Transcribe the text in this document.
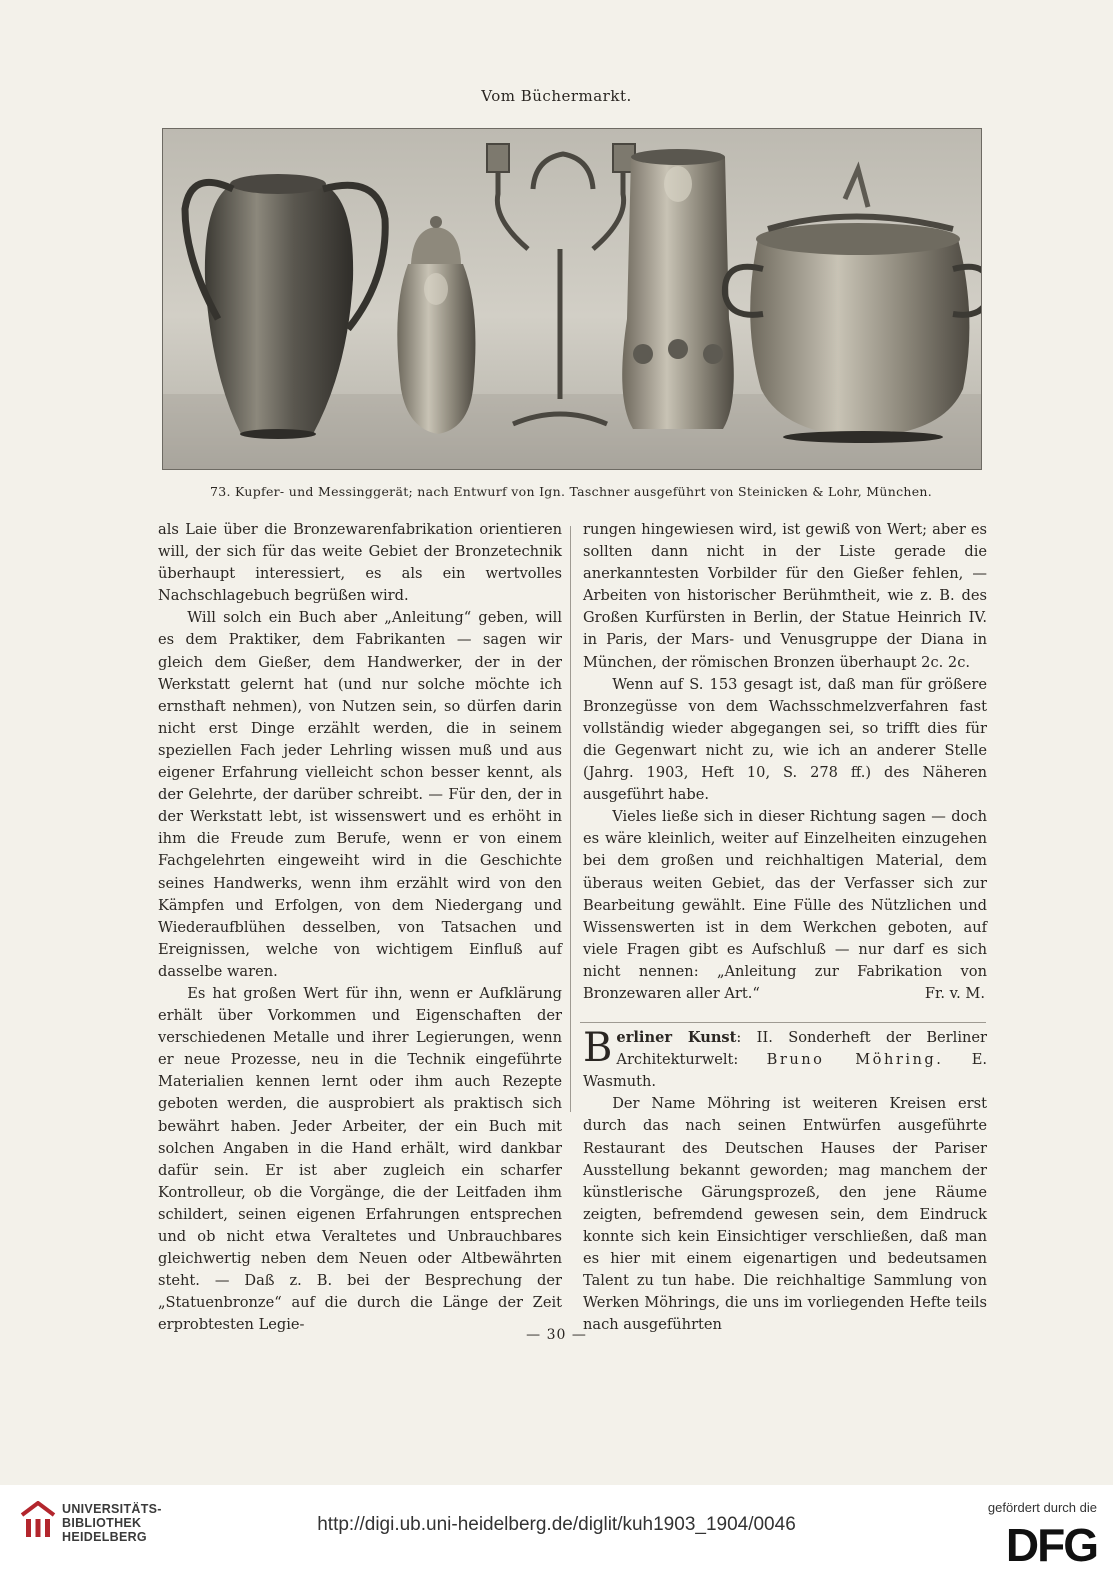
Vom Büchermarkt.
73. Kupfer- und Messinggerät; nach Entwurf von Ign. Taschner ausgeführt von Steinicken & Lohr, München.

als Laie über die Bronzewarenfabrikation orientieren will, der sich für das weite Gebiet der Bronzetechnik überhaupt interessiert, es als ein wertvolles Nachschlagebuch begrüßen wird.

Will solch ein Buch aber „Anleitung“ geben, will es dem Praktiker, dem Fabrikanten — sagen wir gleich dem Gießer, dem Handwerker, der in der Werkstatt gelernt hat (und nur solche möchte ich ernsthaft nehmen), von Nutzen sein, so dürfen darin nicht erst Dinge erzählt werden, die in seinem speziellen Fach jeder Lehrling wissen muß und aus eigener Erfahrung vielleicht schon besser kennt, als der Gelehrte, der darüber schreibt. — Für den, der in der Werkstatt lebt, ist wissenswert und es erhöht in ihm die Freude zum Berufe, wenn er von einem Fachgelehrten eingeweiht wird in die Geschichte seines Handwerks, wenn ihm erzählt wird von den Kämpfen und Erfolgen, von dem Niedergang und Wiederaufblühen desselben, von Tatsachen und Ereignissen, welche von wichtigem Einfluß auf dasselbe waren.

Es hat großen Wert für ihn, wenn er Aufklärung erhält über Vorkommen und Eigenschaften der verschiedenen Metalle und ihrer Legierungen, wenn er neue Prozesse, neu in die Technik eingeführte Materialien kennen lernt oder ihm auch Rezepte geboten werden, die ausprobiert als praktisch sich bewährt haben. Jeder Arbeiter, der ein Buch mit solchen Angaben in die Hand erhält, wird dankbar dafür sein. Er ist aber zugleich ein scharfer Kontrolleur, ob die Vorgänge, die der Leitfaden ihm schildert, seinen eigenen Erfahrungen entsprechen und ob nicht etwa Veraltetes und Unbrauchbares gleichwertig neben dem Neuen oder Altbewährten steht. — Daß z. B. bei der Besprechung der „Statuenbronze“ auf die durch die Länge der Zeit erprobtesten Legie-

rungen hingewiesen wird, ist gewiß von Wert; aber es sollten dann nicht in der Liste gerade die anerkanntesten Vorbilder für den Gießer fehlen, — Arbeiten von historischer Berühmtheit, wie z. B. des Großen Kurfürsten in Berlin, der Statue Heinrich IV. in Paris, der Mars- und Venusgruppe der Diana in München, der römischen Bronzen überhaupt 2c. 2c.

Wenn auf S. 153 gesagt ist, daß man für größere Bronzegüsse von dem Wachsschmelzverfahren fast vollständig wieder abgegangen sei, so trifft dies für die Gegenwart nicht zu, wie ich an anderer Stelle (Jahrg. 1903, Heft 10, S. 278 ff.) des Näheren ausgeführt habe.

Vieles ließe sich in dieser Richtung sagen — doch es wäre kleinlich, weiter auf Einzelheiten einzugehen bei dem großen und reichhaltigen Material, dem überaus weiten Gebiet, das der Verfasser sich zur Bearbeitung gewählt. Eine Fülle des Nützlichen und Wissenswerten ist in dem Werkchen geboten, auf viele Fragen gibt es Aufschluß — nur darf es sich nicht nennen: „Anleitung zur Fabrikation von Bronzewaren aller Art.“	Fr. v. M.

Berliner Kunst: II. Sonderheft der Berliner Architekturwelt: Bruno Möhring. E. Wasmuth.

Der Name Möhring ist weiteren Kreisen erst durch das nach seinen Entwürfen ausgeführte Restaurant des Deutschen Hauses der Pariser Ausstellung bekannt geworden; mag manchem der künstlerische Gärungsprozeß, den jene Räume zeigten, befremdend gewesen sein, dem Eindruck konnte sich kein Einsichtiger verschließen, daß man es hier mit einem eigenartigen und bedeutsamen Talent zu tun habe. Die reichhaltige Sammlung von Werken Möhrings, die uns im vorliegenden Hefte teils nach ausgeführten

— 30 —
UNIVERSITÄTS-
BIBLIOTHEK
HEIDELBERG
http://digi.ub.uni-heidelberg.de/diglit/kuh1903_1904/0046
gefördert durch die
DFG
